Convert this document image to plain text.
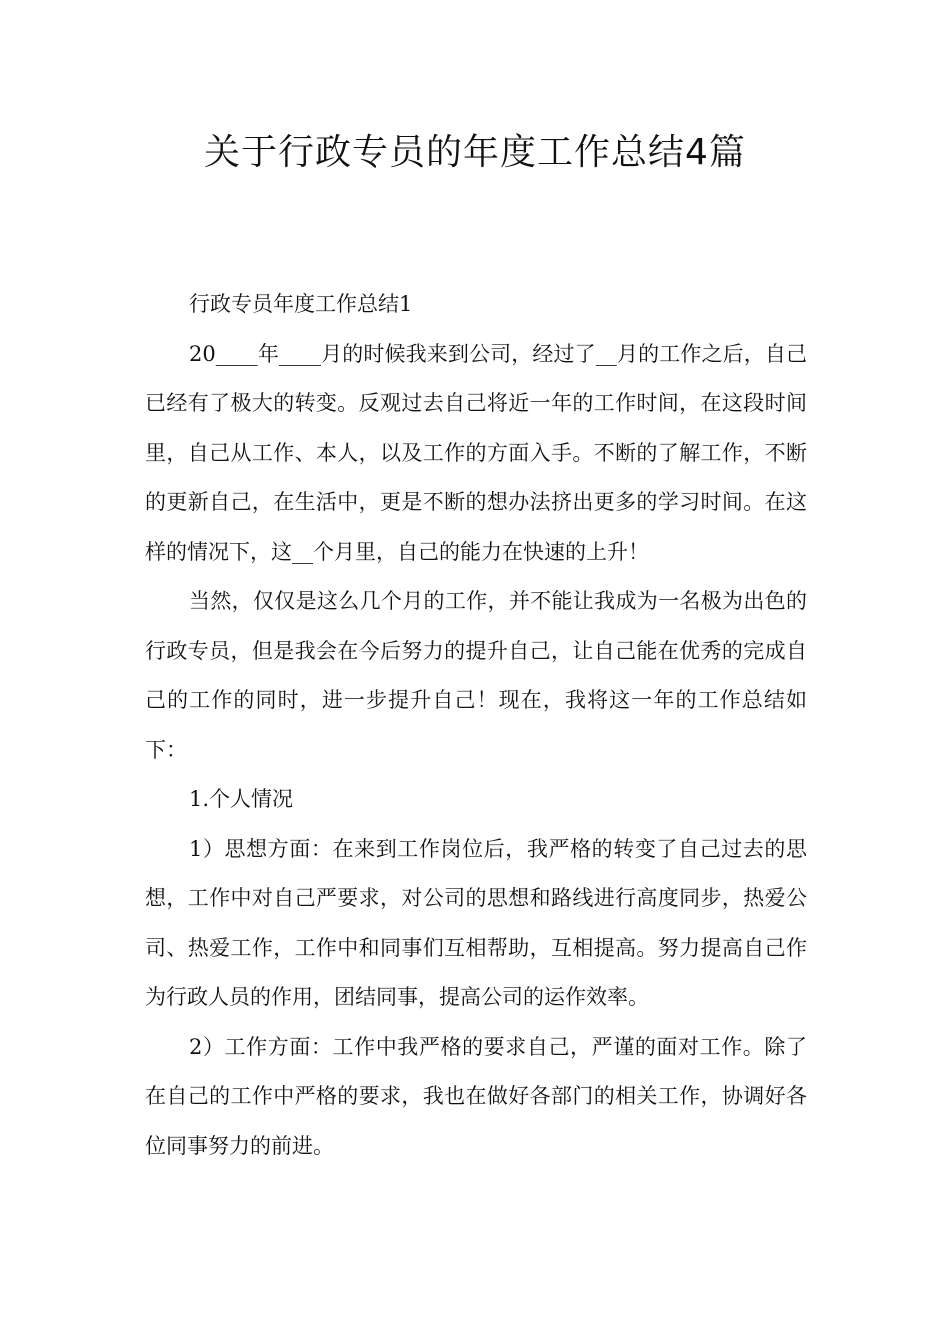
关于行政专员的年度工作总结4篇

行政专员年度工作总结1

20____年____月的时候我来到公司，经过了__月的工作之后，自己已经有了极大的转变。反观过去自己将近一年的工作时间，在这段时间里，自己从工作、本人，以及工作的方面入手。不断的了解工作，不断的更新自己，在生活中，更是不断的想办法挤出更多的学习时间。在这样的情况下，这__个月里，自己的能力在快速的上升！

当然，仅仅是这么几个月的工作，并不能让我成为一名极为出色的行政专员，但是我会在今后努力的提升自己，让自己能在优秀的完成自己的工作的同时，进一步提升自己！现在，我将这一年的工作总结如下：

1.个人情况

1）思想方面：在来到工作岗位后，我严格的转变了自己过去的思想，工作中对自己严要求，对公司的思想和路线进行高度同步，热爱公司、热爱工作，工作中和同事们互相帮助，互相提高。努力提高自己作为行政人员的作用，团结同事，提高公司的运作效率。

2）工作方面：工作中我严格的要求自己，严谨的面对工作。除了在自己的工作中严格的要求，我也在做好各部门的相关工作，协调好各位同事努力的前进。
